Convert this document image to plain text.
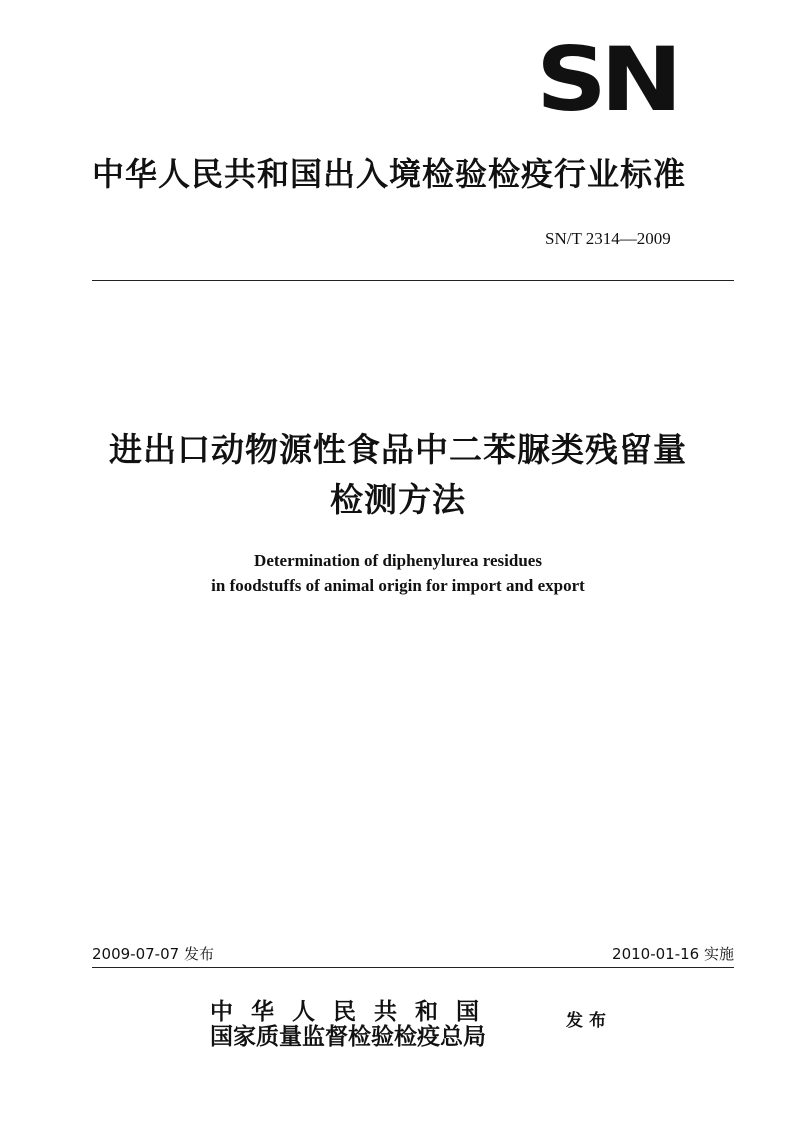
SN
中华人民共和国出入境检验检疫行业标准
SN/T 2314—2009
进出口动物源性食品中二苯脲类残留量
检测方法
Determination of diphenylurea residues
in foodstuffs of animal origin for import and export
2009-07-07 发布	2010-01-16 实施
中华人民共和国
国家质量监督检验检疫总局
发布
